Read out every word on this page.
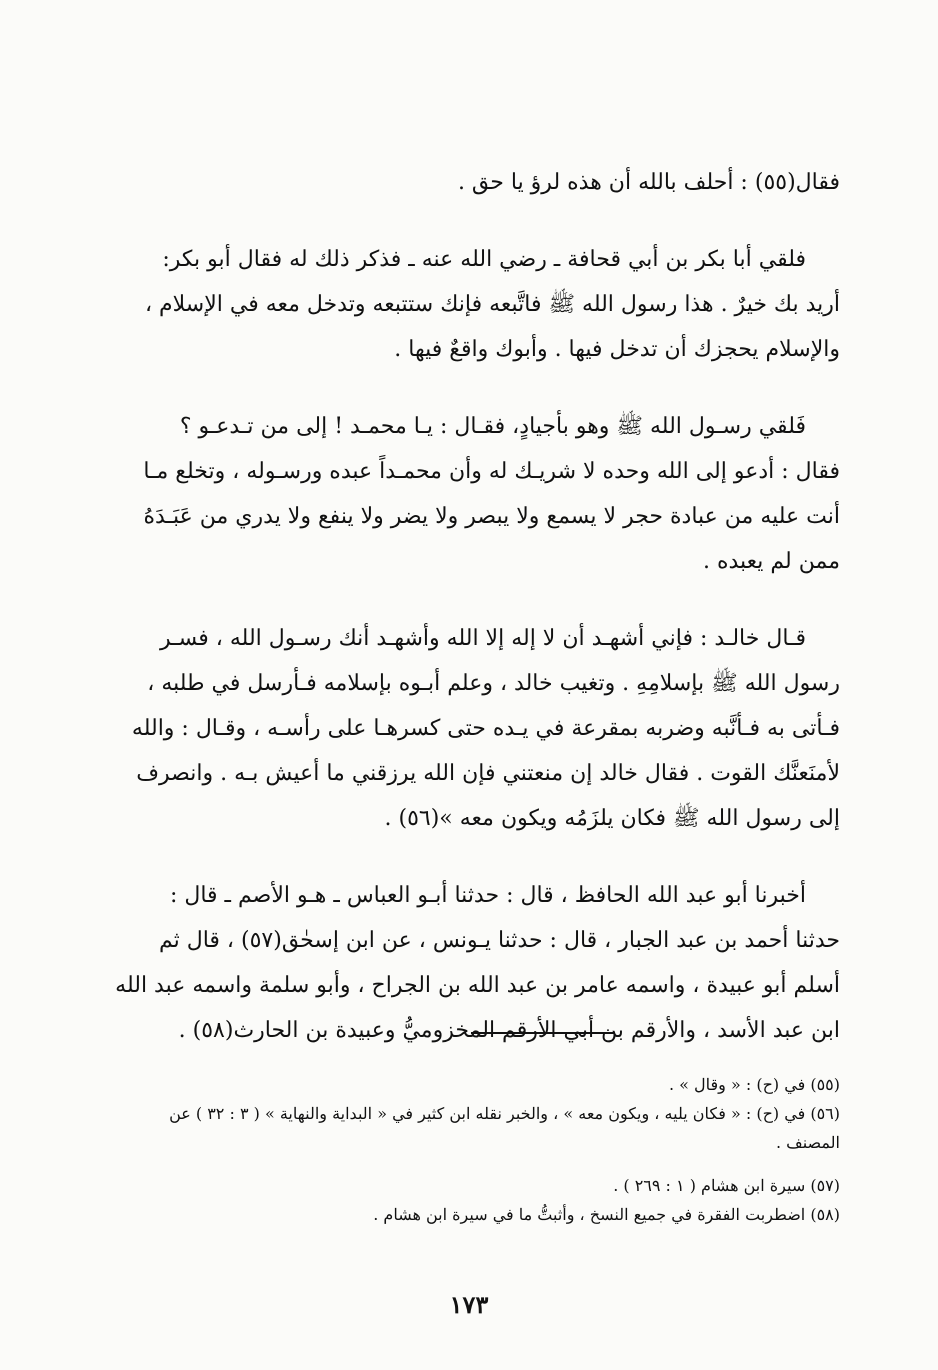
فقال(٥٥) : أحلف بالله أن هذه لرؤ يا حق .
فلقي أبا بكر بن أبي قحافة ـ رضي الله عنه ـ فذكر ذلك له فقال أبو بكر:
أريد بك خيرٌ . هذا رسول الله ﷺ فاتَّبعه فإنك ستتبعه وتدخل معه في الإسلام ،
والإسلام يحجزك أن تدخل فيها . وأبوك واقعٌ فيها .
فَلقي رسـول الله ﷺ وهو بأجيادٍ، فقـال : يـا محمـد ! إلى من تـدعـو ؟
فقال : أدعو إلى الله وحده لا شريـك له وأن محمـداً عبده ورسـوله ، وتخلع مـا
أنت عليه من عبادة حجر لا يسمع ولا يبصر ولا يضر ولا ينفع ولا يدري من عَبَـدَهُ
ممن لم يعبده .
قـال خالـد : فإني أشهـد أن لا إله إلا الله وأشهـد أنك رسـول الله ، فسـر
رسول الله ﷺ بإسلامِهِ . وتغيب خالد ، وعلم أبـوه بإسلامه فـأرسل في طلبه ،
فـأتى به فـأنَّبه وضربه بمقرعة في يـده حتى كسرهـا على رأسـه ، وقـال : والله
لأمنَعنَّك القوت . فقال خالد إن منعتني فإن الله يرزقني ما أعيش بـه . وانصرف
إلى رسول الله ﷺ فكان يلزَمُه ويكون معه »(٥٦) .
أخبرنا أبو عبد الله الحافظ ، قال : حدثنا أبـو العباس ـ هـو الأصم ـ قال :
حدثنا أحمد بن عبد الجبار ، قال : حدثنا يـونس ، عن ابن إسحٰق(٥٧) ، قال ثم
أسلم أبو عبيدة ، واسمه عامر بن عبد الله بن الجراح ، وأبو سلمة واسمه عبد الله
ابن عبد الأسد ، والأرقم بن أبي الأرقم المخزوميُّ وعبيدة بن الحارث(٥٨) .
(٥٥) في (ح) : « وقال » .
(٥٦) في (ح) : « فكان يليه ، ويكون معه » ، والخبر نقله ابن كثير في « البداية والنهاية » ( ٣ : ٣٢ ) عن
المصنف .
(٥٧) سيرة ابن هشام ( ١ : ٢٦٩ ) .
(٥٨) اضطربت الفقرة في جميع النسخ ، وأثبتُّ ما في سيرة ابن هشام .
١٧٣
